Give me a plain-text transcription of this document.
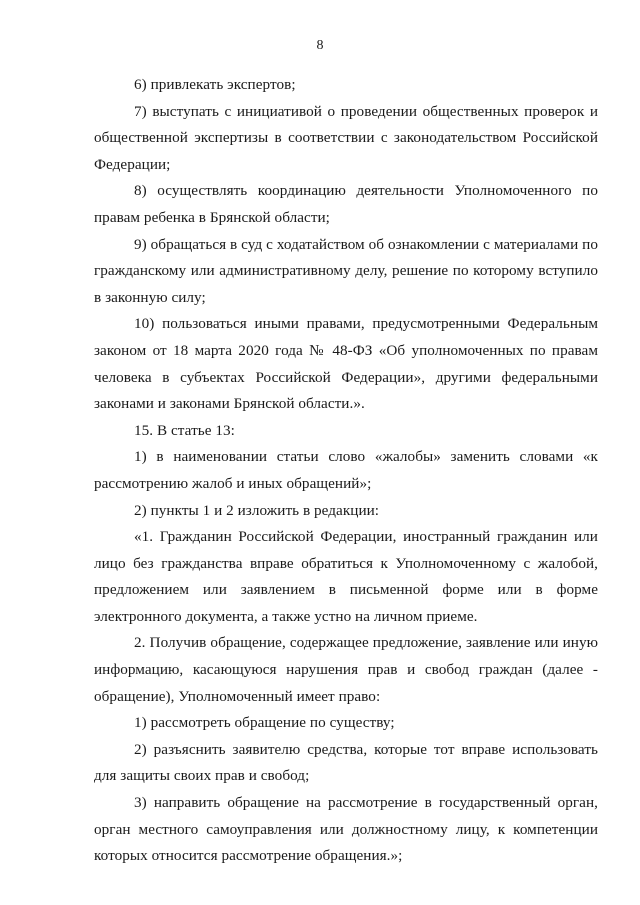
8

6) привлекать экспертов;

7) выступать с инициативой о проведении общественных проверок и общественной экспертизы в соответствии с законодательством Российской Федерации;

8) осуществлять координацию деятельности Уполномоченного по правам ребенка в Брянской области;

9) обращаться в суд с ходатайством об ознакомлении с материалами по гражданскому или административному делу, решение по которому вступило в законную силу;

10) пользоваться иными правами, предусмотренными Федеральным законом от 18 марта 2020 года № 48-ФЗ «Об уполномоченных по правам человека в субъектах Российской Федерации», другими федеральными законами и законами Брянской области.».

15. В статье 13:

1) в наименовании статьи слово «жалобы» заменить словами «к рассмотрению жалоб и иных обращений»;

2) пункты 1 и 2 изложить в редакции:

«1. Гражданин Российской Федерации, иностранный гражданин или лицо без гражданства вправе обратиться к Уполномоченному с жалобой, предложением или заявлением в письменной форме или в форме электронного документа, а также устно на личном приеме.

2. Получив обращение, содержащее предложение, заявление или иную информацию, касающуюся нарушения прав и свобод граждан (далее - обращение), Уполномоченный имеет право:

1) рассмотреть обращение по существу;

2) разъяснить заявителю средства, которые тот вправе использовать для защиты своих прав и свобод;

3) направить обращение на рассмотрение в государственный орган, орган местного самоуправления или должностному лицу, к компетенции которых относится рассмотрение обращения.»;
